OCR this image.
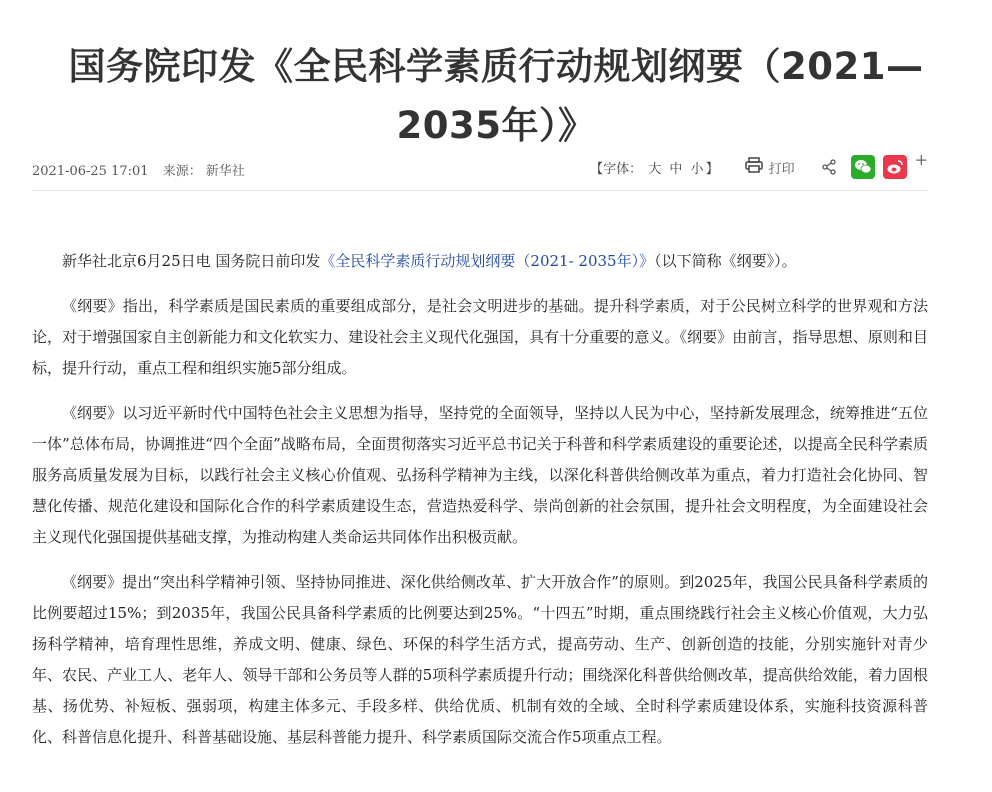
国务院印发《全民科学素质行动规划纲要（2021—2035年）》
2021-06-25 17:01 来源： 新华社	【字体： 大 中 小 】	打印
+

新华社北京6月25日电 国务院日前印发《全民科学素质行动规划纲要（2021- 2035年）》（以下简称《纲要》）。

《纲要》指出，科学素质是国民素质的重要组成部分，是社会文明进步的基础。提升科学素质，对于公民树立科学的世界观和方法论，对于增强国家自主创新能力和文化软实力、建设社会主义现代化强国，具有十分重要的意义。《纲要》由前言，指导思想、原则和目标，提升行动，重点工程和组织实施5部分组成。

《纲要》以习近平新时代中国特色社会主义思想为指导，坚持党的全面领导，坚持以人民为中心，坚持新发展理念，统筹推进“五位一体”总体布局，协调推进“四个全面”战略布局，全面贯彻落实习近平总书记关于科普和科学素质建设的重要论述，以提高全民科学素质服务高质量发展为目标，以践行社会主义核心价值观、弘扬科学精神为主线，以深化科普供给侧改革为重点，着力打造社会化协同、智慧化传播、规范化建设和国际化合作的科学素质建设生态，营造热爱科学、崇尚创新的社会氛围，提升社会文明程度，为全面建设社会主义现代化强国提供基础支撑，为推动构建人类命运共同体作出积极贡献。

《纲要》提出“突出科学精神引领、坚持协同推进、深化供给侧改革、扩大开放合作”的原则。到2025年，我国公民具备科学素质的比例要超过15%；到2035年，我国公民具备科学素质的比例要达到25%。“十四五”时期，重点围绕践行社会主义核心价值观，大力弘扬科学精神，培育理性思维，养成文明、健康、绿色、环保的科学生活方式，提高劳动、生产、创新创造的技能，分别实施针对青少年、农民、产业工人、老年人、领导干部和公务员等人群的5项科学素质提升行动；围绕深化科普供给侧改革，提高供给效能，着力固根基、扬优势、补短板、强弱项，构建主体多元、手段多样、供给优质、机制有效的全域、全时科学素质建设体系，实施科技资源科普化、科普信息化提升、科普基础设施、基层科普能力提升、科学素质国际交流合作5项重点工程。
